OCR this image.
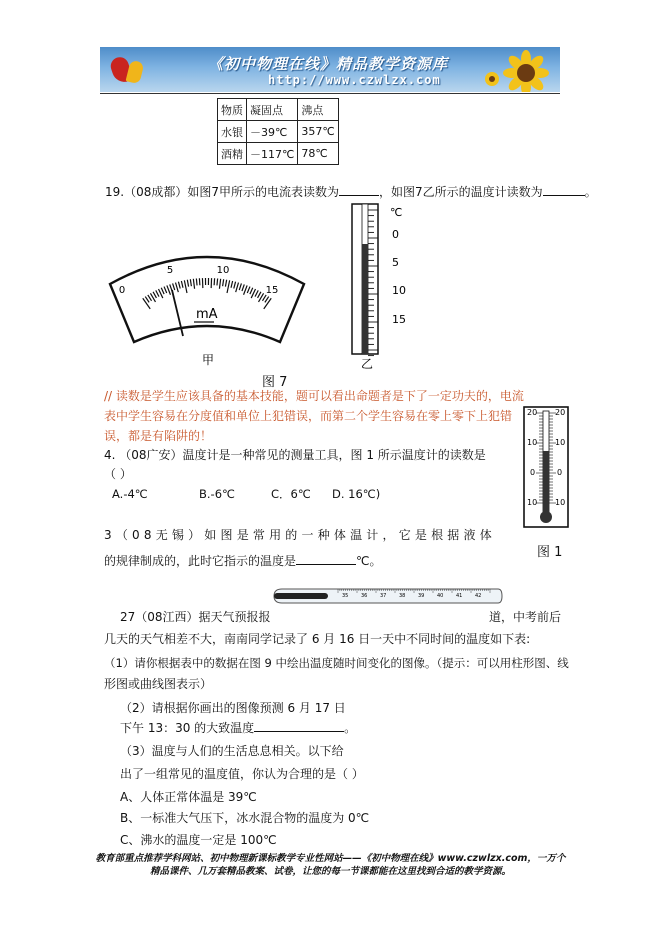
《初中物理在线》精品教学资源库
http://www.czwlzx.com
物质	凝固点	沸点
水银	－39℃	357℃
酒精	－117℃	78℃
19.（08成都）如图7甲所示的电流表读数为	，如图7乙所示的温度计读数为	。
0
5	10
15
mA
甲
℃
0
5
10
15
乙
图 7
// 读数是学生应该具备的基本技能，题可以看出命题者是下了一定功夫的，电流
表中学生容易在分度值和单位上犯错误，而第二个学生容易在零上零下上犯错
误，都是有陷阱的！
4. （08广安）温度计是一种常见的测量工具，图 1 所示温度计的读数是
（ ）
A.-4℃	B.-6℃	C．6℃ D. 16℃)
20
10
0
10
20
10
0
10
图 1
3（08无锡）如图是常用的一种体温计，它是根据液体
的规律制成的，此时它指示的温度是	℃。
35	36	37	38	39	40	41	42
27（08江西）据天气预报报	道，中考前后
几天的天气相差不大，南南同学记录了 6 月 16 日一天中不同时间的温度如下表:
（1）请你根据表中的数据在图 9 中绘出温度随时间变化的图像。（提示：可以用柱形图、线
形图或曲线图表示）
（2）请根据你画出的图像预测 6 月 17 日
下午 13：30 的大致温度	。
（3）温度与人们的生活息息相关。以下给
出了一组常见的温度值，你认为合理的是（ ）
A、人体正常体温是 39℃
B、一标准大气压下，冰水混合物的温度为 0℃
C、沸水的温度一定是 100℃
教育部重点推荐学科网站、初中物理新课标教学专业性网站——《初中物理在线》www.czwlzx.com，一万个
精品课件、几万套精品教案、试卷，让您的每一节课都能在这里找到合适的教学资源。
